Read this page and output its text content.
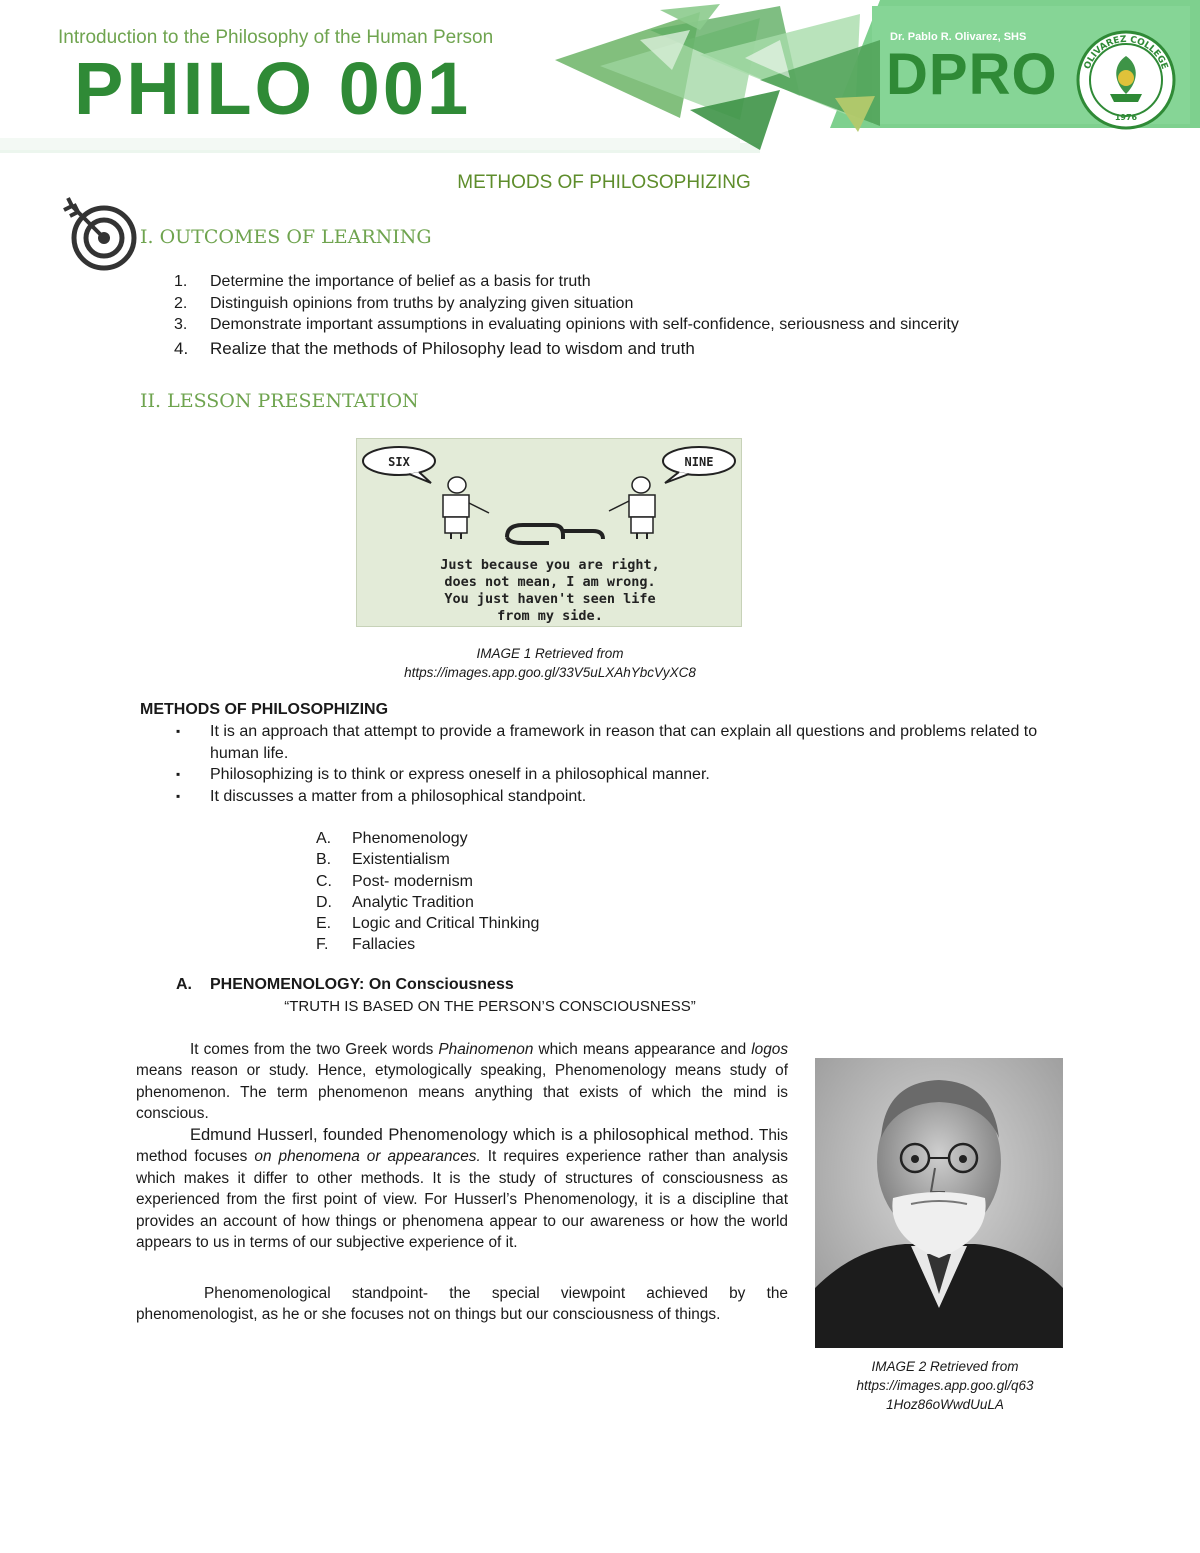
Introduction to the Philosophy of the Human Person
PHILO 001
Dr. Pablo R. Olivarez, SHS
DPRO	OLIVAREZ COLLEGE
1976
METHODS OF PHILOSOPHIZING
I. OUTCOMES OF LEARNING
1.	Determine the importance of belief as a basis for truth
2.	Distinguish opinions from truths by analyzing given situation
3.	Demonstrate important assumptions in evaluating opinions with self-confidence, seriousness and sincerity
4.	Realize that the methods of Philosophy lead to wisdom and truth
II. LESSON PRESENTATION
SIX	NINE
Just because you are right,
does not mean, I am wrong.
You just haven't seen life
from my side.
IMAGE 1 Retrieved from
https://images.app.goo.gl/33V5uLXAhYbcVyXC8
METHODS OF PHILOSOPHIZING
▪	It is an approach that attempt to provide a framework in reason that can explain all questions and problems related to human life.
▪	Philosophizing is to think or express oneself in a philosophical manner.
▪	It discusses a matter from a philosophical standpoint.
A.	Phenomenology
B.	Existentialism
C.	Post- modernism
D.	Analytic Tradition
E.	Logic and Critical Thinking
F.	Fallacies
A. PHENOMENOLOGY: On Consciousness
“TRUTH IS BASED ON THE PERSON’S CONSCIOUSNESS”
It comes from the two Greek words Phainomenon which means appearance and logos means reason or study. Hence, etymologically speaking, Phenomenology means study of phenomenon. The term phenomenon means anything that exists of which the mind is conscious.
Edmund Husserl, founded Phenomenology which is a philosophical method. This method focuses on phenomena or appearances. It requires experience rather than analysis which makes it differ to other methods. It is the study of structures of consciousness as experienced from the first point of view. For Husserl’s Phenomenology, it is a discipline that provides an account of how things or phenomena appear to our awareness or how the world appears to us in terms of our subjective experience of it.
Phenomenological standpoint- the special viewpoint achieved by the phenomenologist, as he or she focuses not on things but our consciousness of things.
IMAGE 2 Retrieved from
https://images.app.goo.gl/q63
1Hoz86oWwdUuLA
